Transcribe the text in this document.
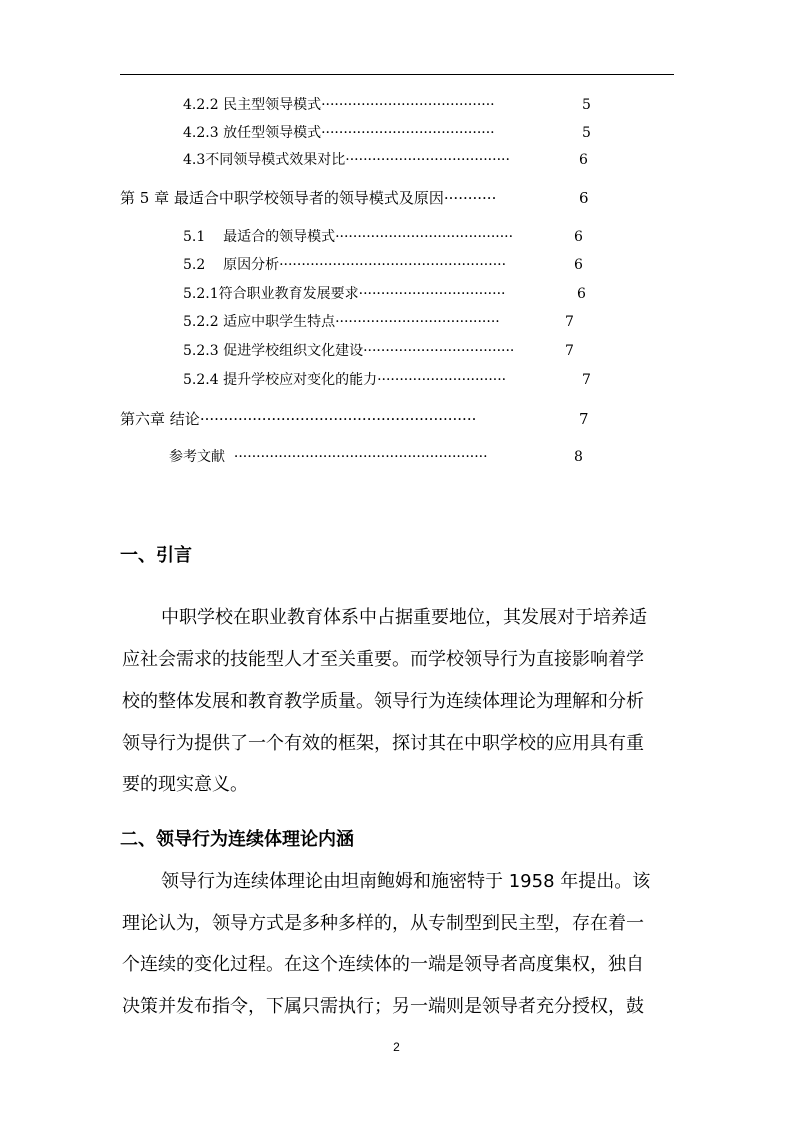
4.2.2 民主型领导模式·······································	5
4.2.3 放任型领导模式·······································	5
4.3不同领导模式效果对比·····································	6
第 5 章 最适合中职学校领导者的领导模式及原因···········	6
5.1 最适合的领导模式········································	6
5.2 原因分析···················································	6
5.2.1符合职业教育发展要求·································	6
5.2.2 适应中职学生特点·····································	7
5.2.3 促进学校组织文化建设··································	7
5.2.4 提升学校应对变化的能力·····························	7
第六章 结论··························································	7
参考文献 ·························································	8
一、引言
中职学校在职业教育体系中占据重要地位，其发展对于培养适
应社会需求的技能型人才至关重要。而学校领导行为直接影响着学
校的整体发展和教育教学质量。领导行为连续体理论为理解和分析
领导行为提供了一个有效的框架，探讨其在中职学校的应用具有重
要的现实意义。
二、领导行为连续体理论内涵
领导行为连续体理论由坦南鲍姆和施密特于 1958 年提出。该
理论认为，领导方式是多种多样的，从专制型到民主型，存在着一
个连续的变化过程。在这个连续体的一端是领导者高度集权，独自
决策并发布指令，下属只需执行；另一端则是领导者充分授权，鼓
2
